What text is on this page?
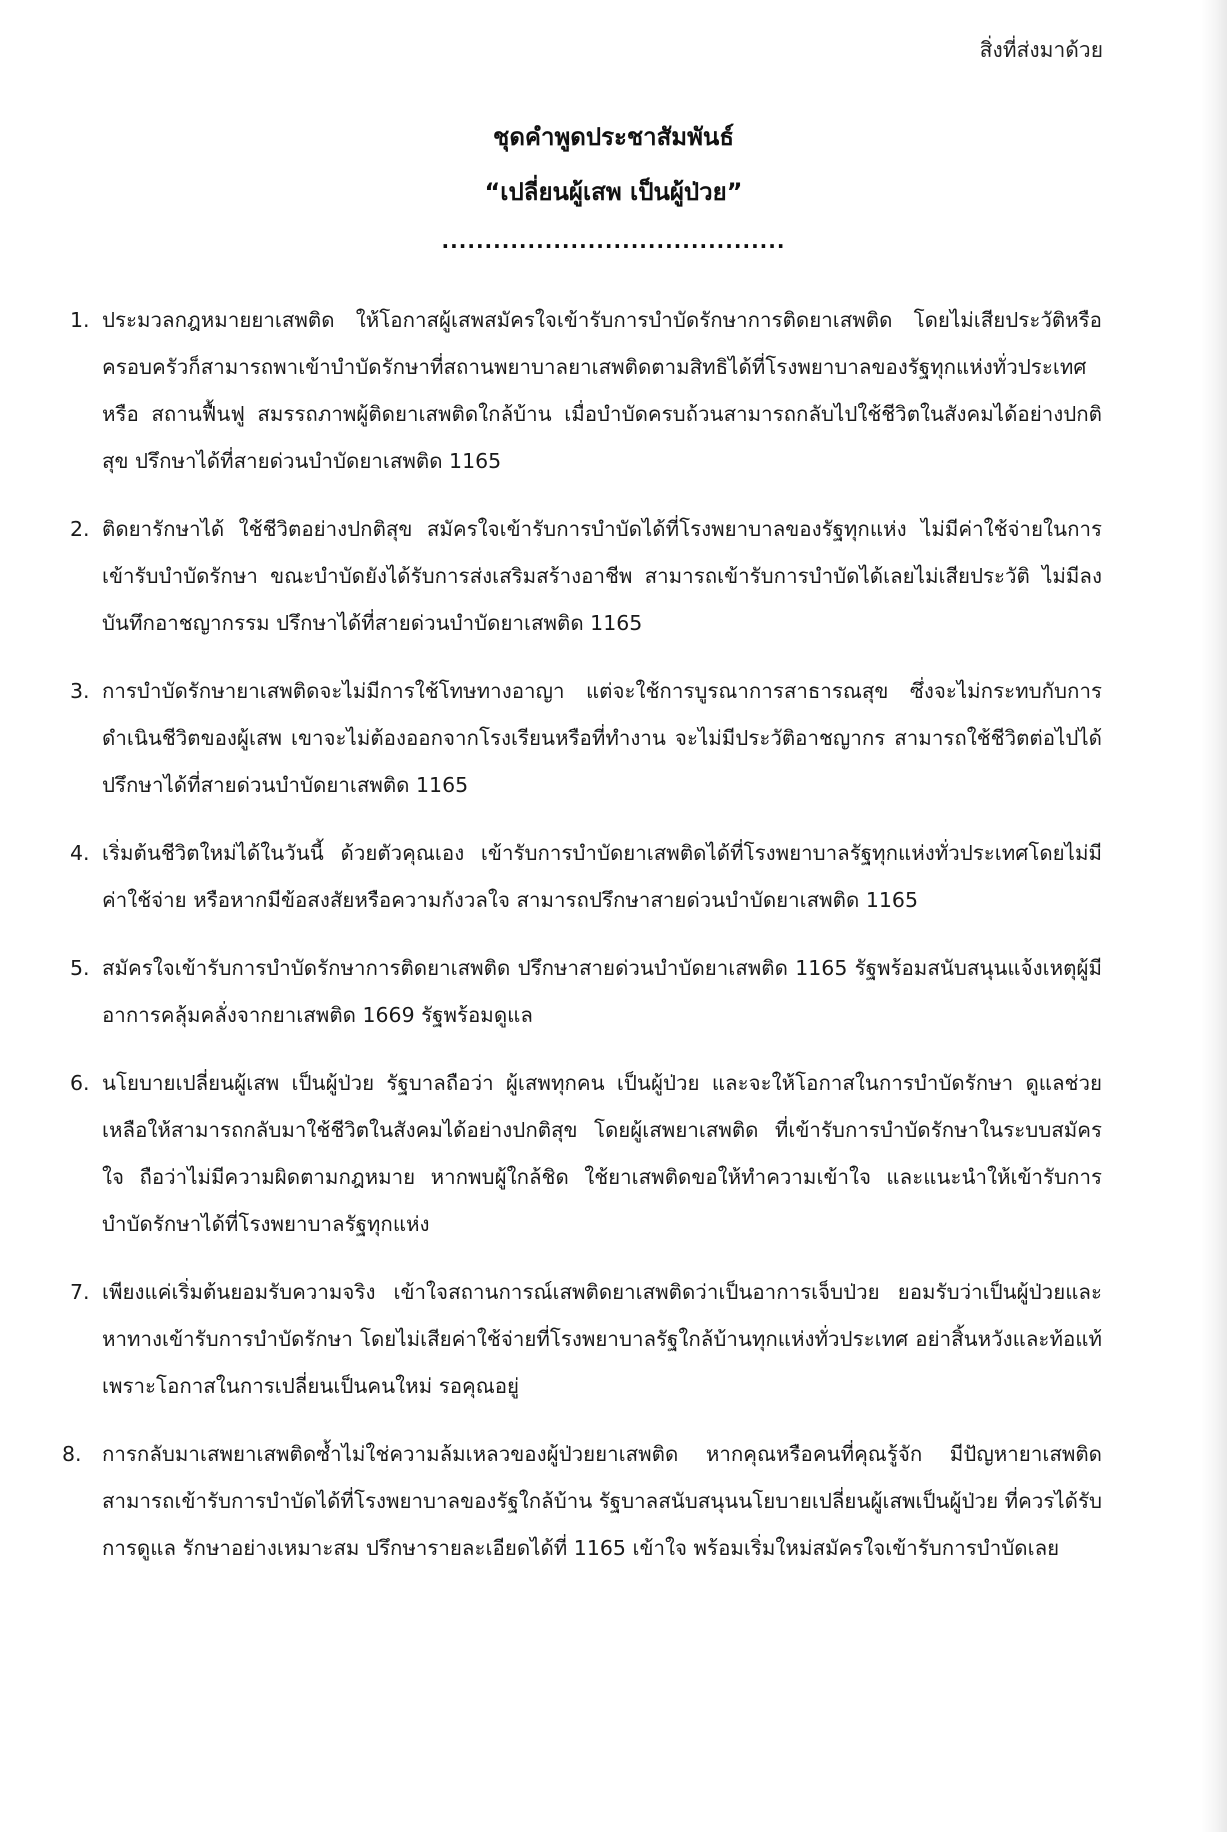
สิ่งที่ส่งมาด้วย
ชุดคำพูดประชาสัมพันธ์
“เปลี่ยนผู้เสพ เป็นผู้ป่วย”
........................................
1. ประมวลกฎหมายยาเสพติด ให้โอกาสผู้เสพสมัครใจเข้ารับการบำบัดรักษาการติดยาเสพติด โดยไม่เสียประวัติหรือครอบครัวก็สามารถพาเข้าบำบัดรักษาที่สถานพยาบาลยาเสพติดตามสิทธิได้ที่โรงพยาบาลของรัฐทุกแห่งทั่วประเทศ หรือ สถานฟื้นฟู สมรรถภาพผู้ติดยาเสพติดใกล้บ้าน เมื่อบำบัดครบถ้วนสามารถกลับไปใช้ชีวิตในสังคมได้อย่างปกติสุข ปรึกษาได้ที่สายด่วนบำบัดยาเสพติด 1165
2. ติดยารักษาได้ ใช้ชีวิตอย่างปกติสุข สมัครใจเข้ารับการบำบัดได้ที่โรงพยาบาลของรัฐทุกแห่ง ไม่มีค่าใช้จ่ายในการเข้ารับบำบัดรักษา ขณะบำบัดยังได้รับการส่งเสริมสร้างอาชีพ สามารถเข้ารับการบำบัดได้เลยไม่เสียประวัติ ไม่มีลงบันทึกอาชญากรรม ปรึกษาได้ที่สายด่วนบำบัดยาเสพติด 1165
3. การบำบัดรักษายาเสพติดจะไม่มีการใช้โทษทางอาญา แต่จะใช้การบูรณาการสาธารณสุข ซึ่งจะไม่กระทบกับการดำเนินชีวิตของผู้เสพ เขาจะไม่ต้องออกจากโรงเรียนหรือที่ทำงาน จะไม่มีประวัติอาชญากร สามารถใช้ชีวิตต่อไปได้ ปรึกษาได้ที่สายด่วนบำบัดยาเสพติด 1165
4. เริ่มต้นชีวิตใหม่ได้ในวันนี้ ด้วยตัวคุณเอง เข้ารับการบำบัดยาเสพติดได้ที่โรงพยาบาลรัฐทุกแห่งทั่วประเทศโดยไม่มีค่าใช้จ่าย หรือหากมีข้อสงสัยหรือความกังวลใจ สามารถปรึกษาสายด่วนบำบัดยาเสพติด 1165
5. สมัครใจเข้ารับการบำบัดรักษาการติดยาเสพติด ปรึกษาสายด่วนบำบัดยาเสพติด 1165 รัฐพร้อมสนับสนุนแจ้งเหตุผู้มีอาการคลุ้มคลั่งจากยาเสพติด 1669 รัฐพร้อมดูแล
6. นโยบายเปลี่ยนผู้เสพ เป็นผู้ป่วย รัฐบาลถือว่า ผู้เสพทุกคน เป็นผู้ป่วย และจะให้โอกาสในการบำบัดรักษา ดูแลช่วยเหลือให้สามารถกลับมาใช้ชีวิตในสังคมได้อย่างปกติสุข โดยผู้เสพยาเสพติด ที่เข้ารับการบำบัดรักษาในระบบสมัครใจ ถือว่าไม่มีความผิดตามกฎหมาย หากพบผู้ใกล้ชิด ใช้ยาเสพติดขอให้ทำความเข้าใจ และแนะนำให้เข้ารับการบำบัดรักษาได้ที่โรงพยาบาลรัฐทุกแห่ง
7. เพียงแค่เริ่มต้นยอมรับความจริง เข้าใจสถานการณ์เสพติดยาเสพติดว่าเป็นอาการเจ็บป่วย ยอมรับว่าเป็นผู้ป่วยและหาทางเข้ารับการบำบัดรักษา โดยไม่เสียค่าใช้จ่ายที่โรงพยาบาลรัฐใกล้บ้านทุกแห่งทั่วประเทศ อย่าสิ้นหวังและท้อแท้ เพราะโอกาสในการเปลี่ยนเป็นคนใหม่ รอคุณอยู่
8. การกลับมาเสพยาเสพติดซ้ำไม่ใช่ความล้มเหลวของผู้ป่วยยาเสพติด หากคุณหรือคนที่คุณรู้จัก มีปัญหายาเสพติดสามารถเข้ารับการบำบัดได้ที่โรงพยาบาลของรัฐใกล้บ้าน รัฐบาลสนับสนุนนโยบายเปลี่ยนผู้เสพเป็นผู้ป่วย ที่ควรได้รับการดูแล รักษาอย่างเหมาะสม ปรึกษารายละเอียดได้ที่ 1165 เข้าใจ พร้อมเริ่มใหม่สมัครใจเข้ารับการบำบัดเลย
